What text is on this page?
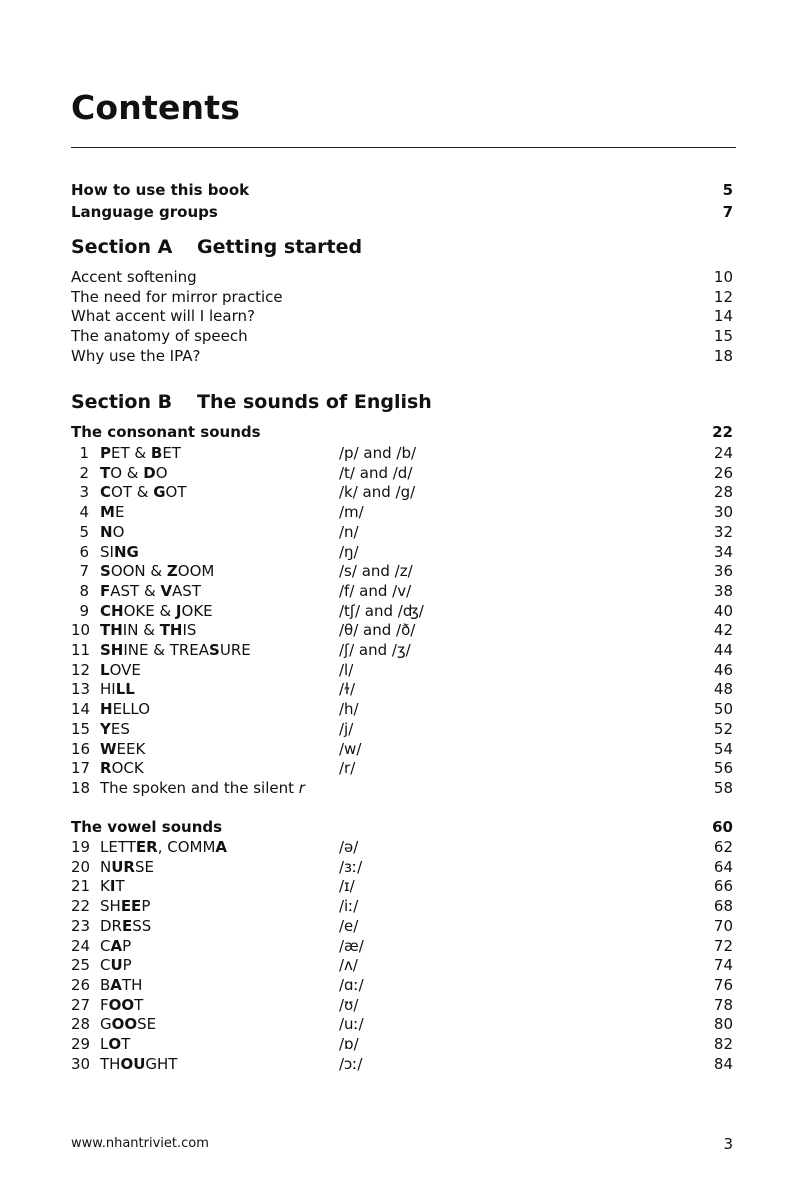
Contents
How to use this book	5
Language groups	7
Section A Getting started
Accent softening	10
The need for mirror practice	12
What accent will I learn?	14
The anatomy of speech	15
Why use the IPA?	18
Section B The sounds of English
The consonant sounds	22
1 PET & BET	/p/ and /b/	24
2 TO & DO	/t/ and /d/	26
3 COT & GOT	/k/ and /g/	28
4 ME	/m/	30
5 NO	/n/	32
6 SING	/ŋ/	34
7 SOON & ZOOM	/s/ and /z/	36
8 FAST & VAST	/f/ and /v/	38
9 CHOKE & JOKE	/tʃ/ and /ʤ/	40
10 THIN & THIS	/θ/ and /ð/	42
11 SHINE & TREASURE	/ʃ/ and /ʒ/	44
12 LOVE	/l/	46
13 HILL	/ɫ/	48
14 HELLO	/h/	50
15 YES	/j/	52
16 WEEK	/w/	54
17 ROCK	/r/	56
18 The spoken and the silent r	58
The vowel sounds	60
19 LETTER, COMMA	/ə/	62
20 NURSE	/ɜː/	64
21 KIT	/ɪ/	66
22 SHEEP	/iː/	68
23 DRESS	/e/	70
24 CAP	/æ/	72
25 CUP	/ʌ/	74
26 BATH	/ɑː/	76
27 FOOT	/ʊ/	78
28 GOOSE	/uː/	80
29 LOT	/ɒ/	82
30 THOUGHT	/ɔː/	84
www.nhantriviet.com	3
